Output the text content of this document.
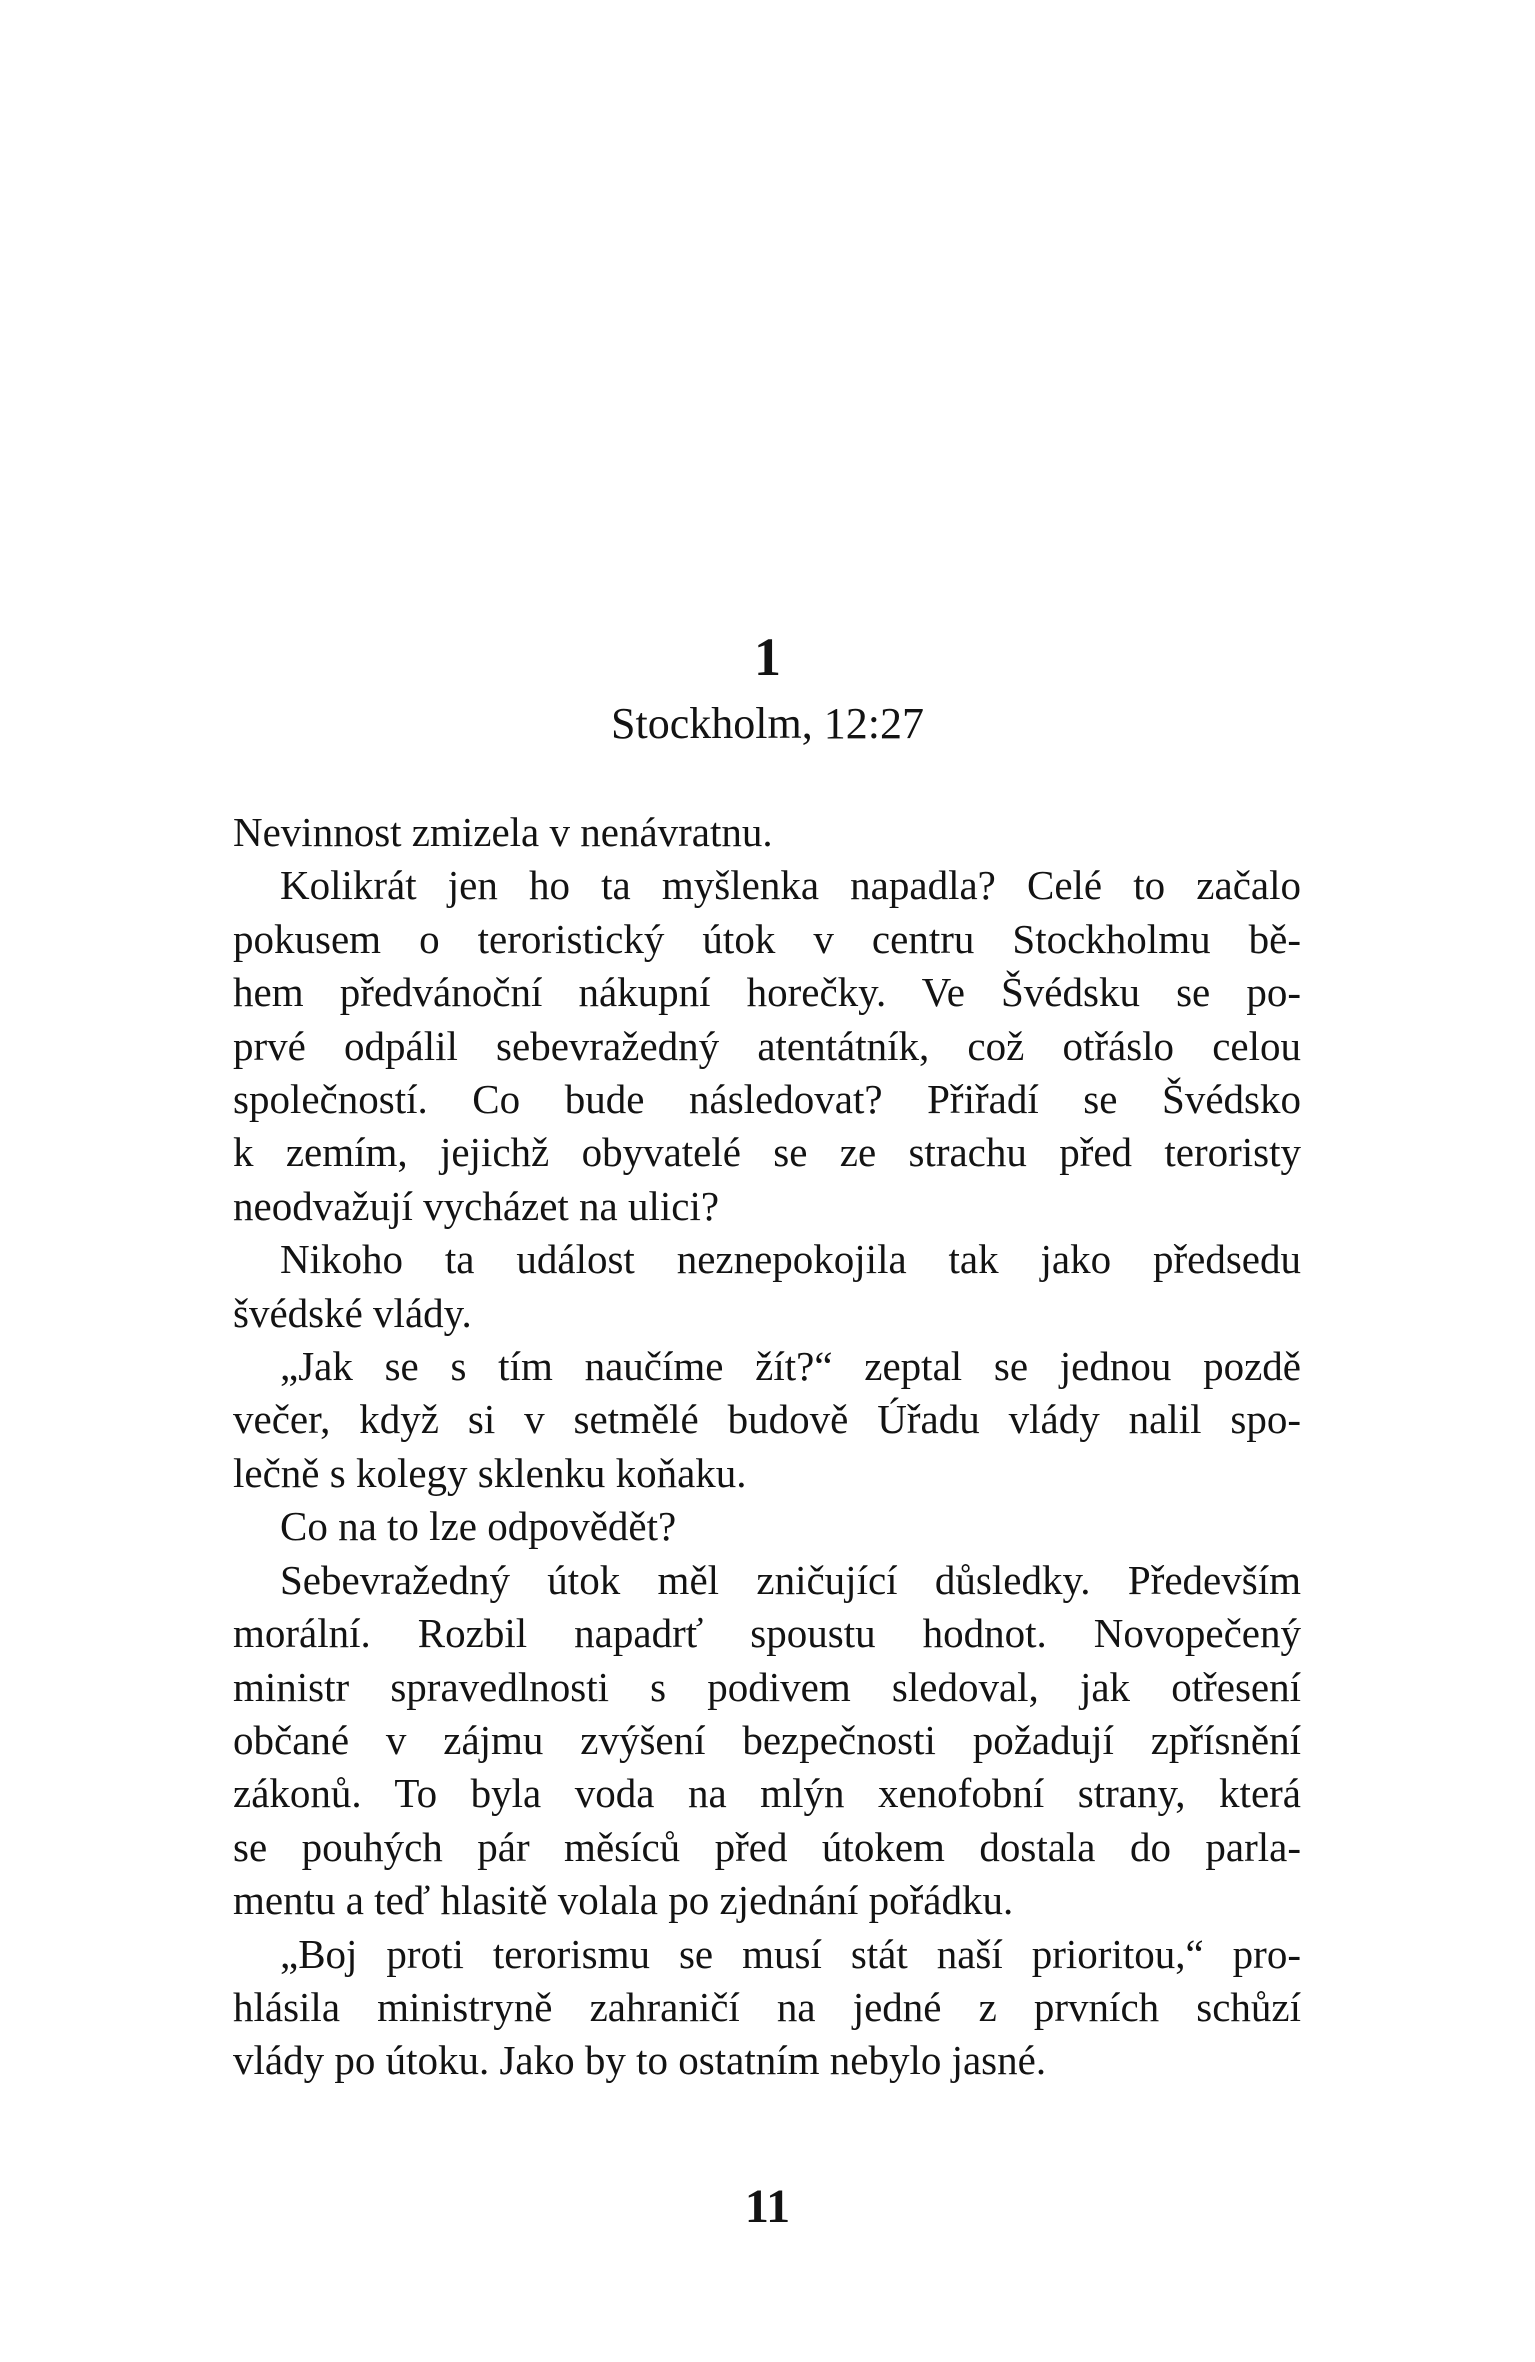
1
Stockholm, 12:27
Nevinnost zmizela v nenávratnu.
Kolikrát jen ho ta myšlenka napadla? Celé to začalo
pokusem o teroristický útok v centru Stockholmu bě-
hem předvánoční nákupní horečky. Ve Švédsku se po-
prvé odpálil sebevražedný atentátník, což otřáslo celou
společností. Co bude následovat? Přiřadí se Švédsko
k zemím, jejichž obyvatelé se ze strachu před teroristy
neodvažují vycházet na ulici?
Nikoho ta událost neznepokojila tak jako předsedu
švédské vlády.
„Jak se s tím naučíme žít?“ zeptal se jednou pozdě
večer, když si v setmělé budově Úřadu vlády nalil spo-
lečně s kolegy sklenku koňaku.
Co na to lze odpovědět?
Sebevražedný útok měl zničující důsledky. Především
morální. Rozbil napadrť spoustu hodnot. Novopečený
ministr spravedlnosti s podivem sledoval, jak otřesení
občané v zájmu zvýšení bezpečnosti požadují zpřísnění
zákonů. To byla voda na mlýn xenofobní strany, která
se pouhých pár měsíců před útokem dostala do parla-
mentu a teď hlasitě volala po zjednání pořádku.
„Boj proti terorismu se musí stát naší prioritou,“ pro-
hlásila ministryně zahraničí na jedné z prvních schůzí
vlády po útoku. Jako by to ostatním nebylo jasné.
11
